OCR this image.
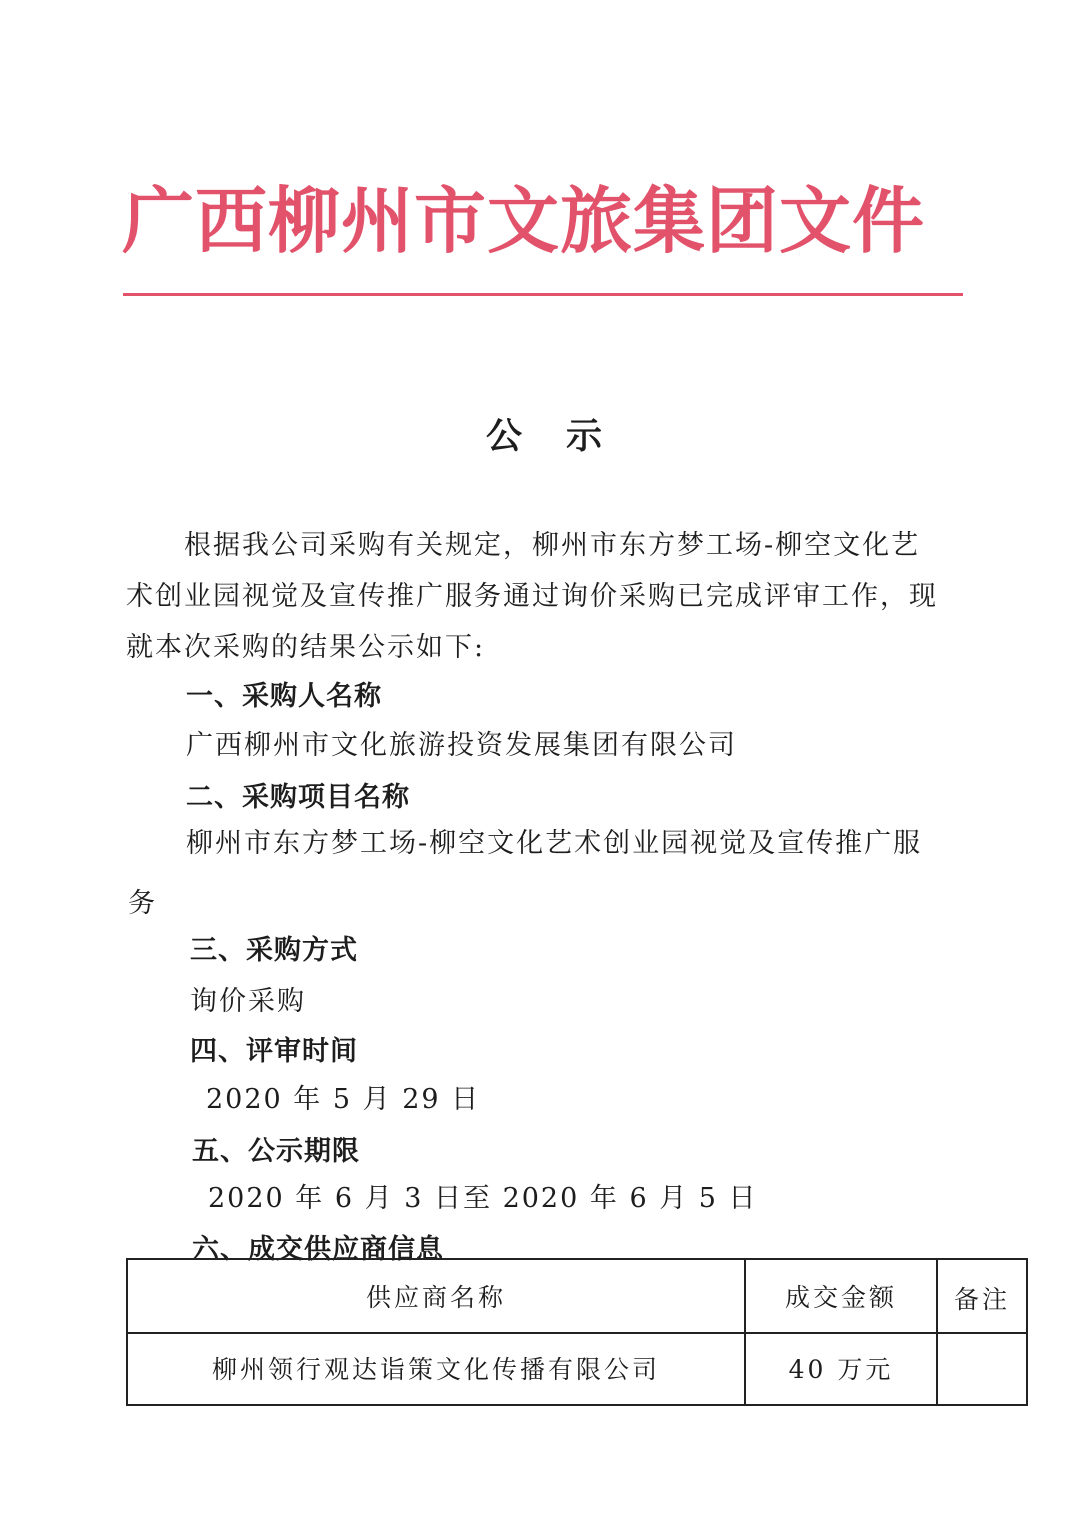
广西柳州市文旅集团文件
公示
根据我公司采购有关规定，柳州市东方梦工场-柳空文化艺
术创业园视觉及宣传推广服务通过询价采购已完成评审工作，现
就本次采购的结果公示如下:
一、采购人名称
广西柳州市文化旅游投资发展集团有限公司
二、采购项目名称
柳州市东方梦工场-柳空文化艺术创业园视觉及宣传推广服
务
三、采购方式
询价采购
四、评审时间
2020 年 5 月 29 日
五、公示期限
2020 年 6 月 3 日至 2020 年 6 月 5 日
六、成交供应商信息
供应商名称	成交金额	备注
柳州领行观达诣策文化传播有限公司	40 万元
